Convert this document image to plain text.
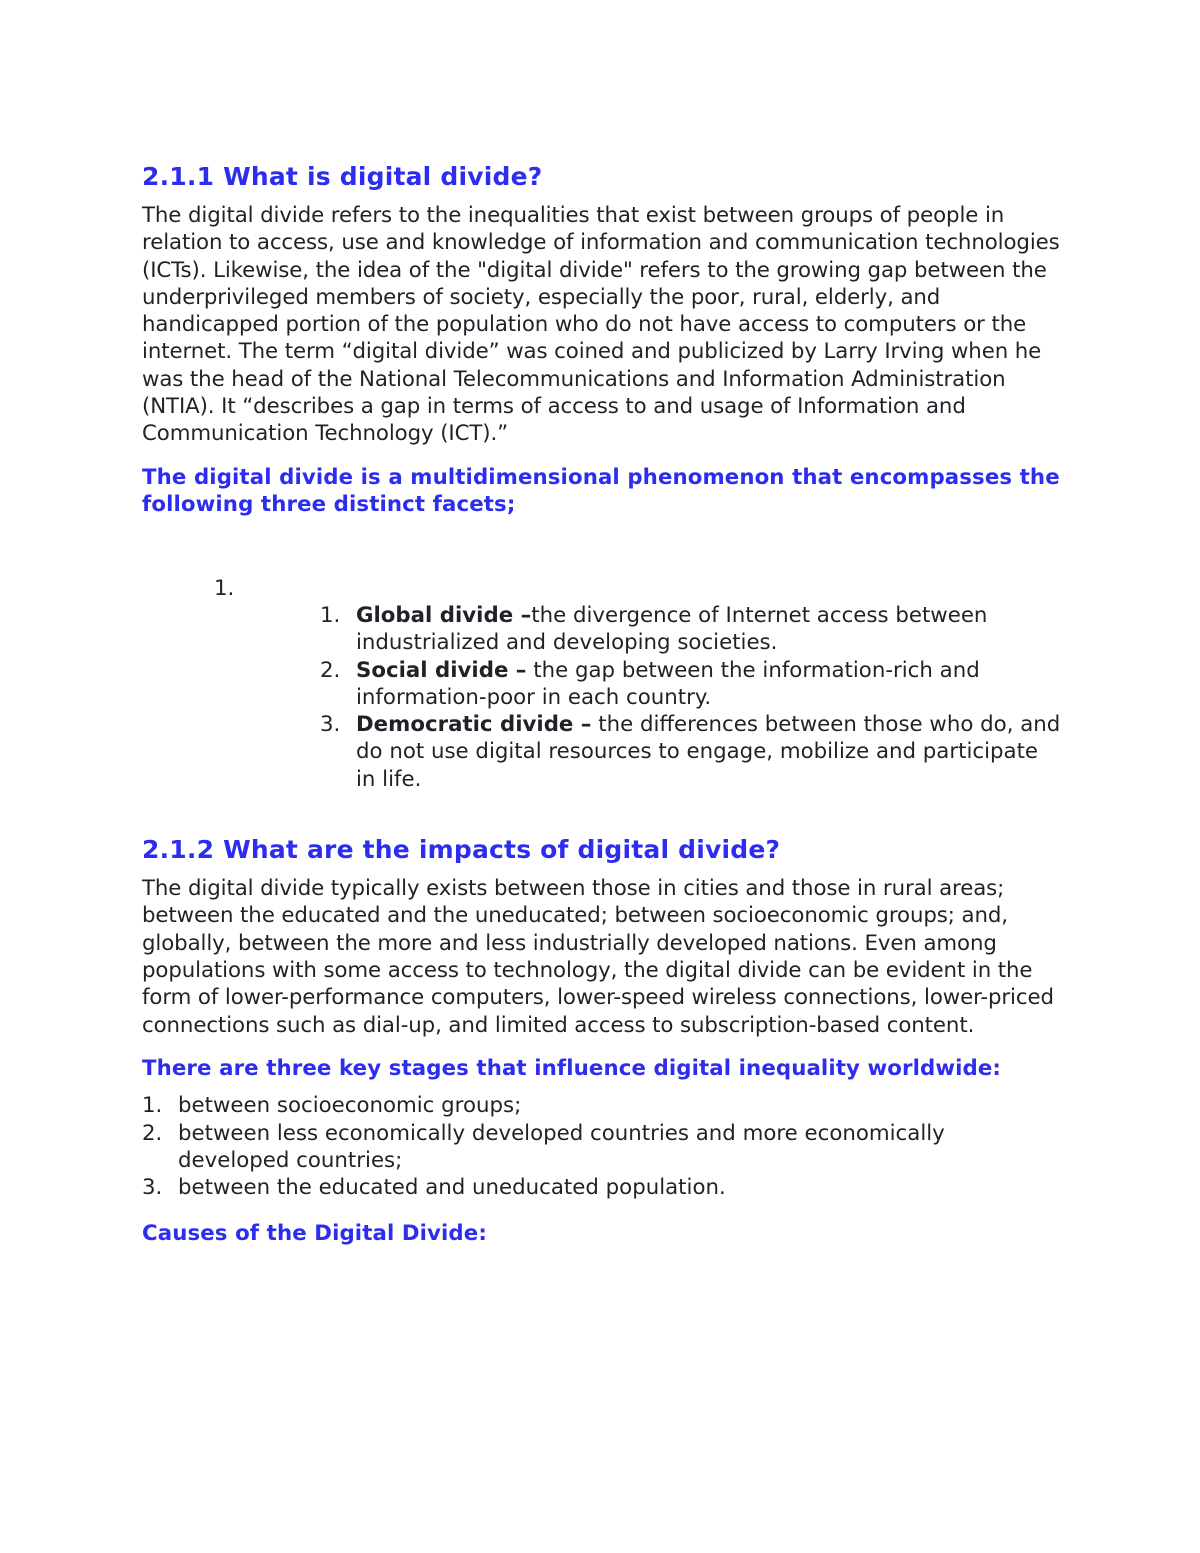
2.1.1 What is digital divide?

The digital divide refers to the inequalities that exist between groups of people in relation to access, use and knowledge of information and communication technologies (ICTs). Likewise, the idea of the "digital divide" refers to the growing gap between the underprivileged members of society, especially the poor, rural, elderly, and handicapped portion of the population who do not have access to computers or the internet. The term “digital divide” was coined and publicized by Larry Irving when he was the head of the National Telecommunications and Information Administration (NTIA). It “describes a gap in terms of access to and usage of Information and Communication Technology (ICT).”

The digital divide is a multidimensional phenomenon that encompasses the following three distinct facets;

1.
1. Global divide –the divergence of Internet access between industrialized and developing societies.
2. Social divide – the gap between the information-rich and information-poor in each country.
3. Democratic divide – the differences between those who do, and do not use digital resources to engage, mobilize and participate in life.
2.1.2 What are the impacts of digital divide?

The digital divide typically exists between those in cities and those in rural areas; between the educated and the uneducated; between socioeconomic groups; and, globally, between the more and less industrially developed nations. Even among populations with some access to technology, the digital divide can be evident in the form of lower-performance computers, lower-speed wireless connections, lower-priced connections such as dial-up, and limited access to subscription-based content.

There are three key stages that influence digital inequality worldwide:

1. between socioeconomic groups;
2. between less economically developed countries and more economically developed countries;
3. between the educated and uneducated population.

Causes of the Digital Divide:
